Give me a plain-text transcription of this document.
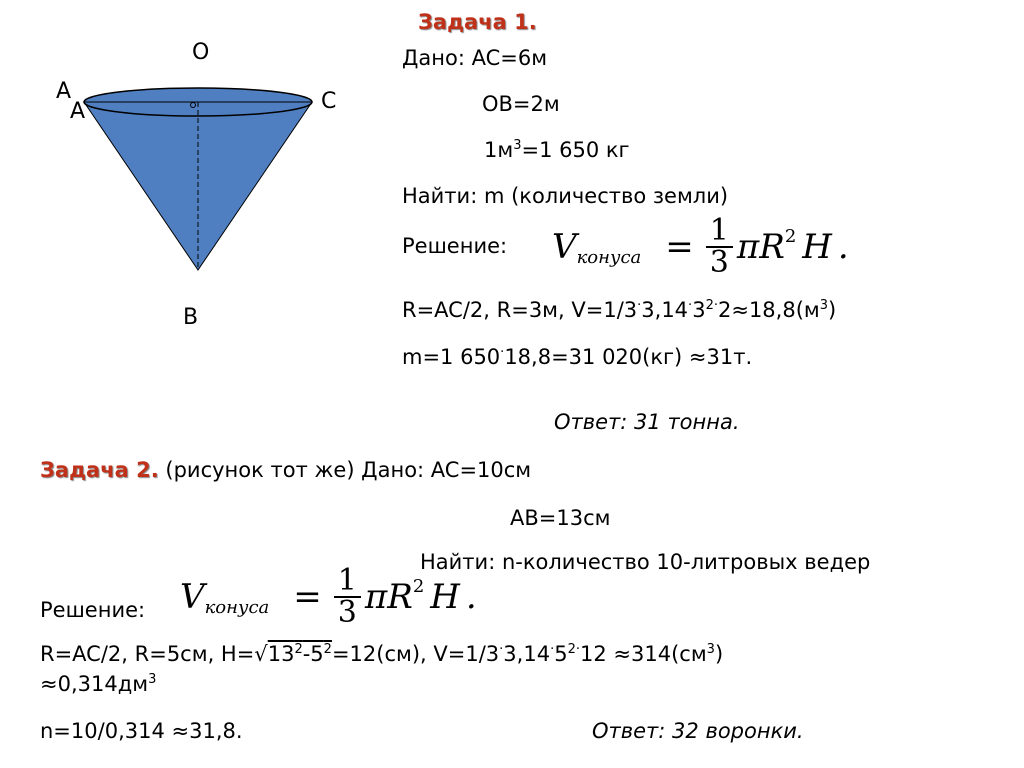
O
A
A	C
B
Задача 1.
Дано: AC=6м
OB=2м
$1м^3=1$ 650 кг
Найти: m (количество земли)
Решение: V конуса = $\frac{1}{3}$ πR 2 H .
R=AC/2, R=3м, $V=1/3^\cdot 3,14^\cdot 3^{2\cdot}2\approx 18,8(м^3)$
m=1 650·18,8=31 020(кг) ≈31т.
Ответ: 31 тонна.
Задача 2. (рисунок тот же) Дано: AC=10см
AB=13см
Найти: n-количество 10-литровых ведер
Решение: V конуса = $\frac{1}{3}$ πR 2 H .
R=AC/2, R=5см, $H=√13^2-5^2=12(см)$, $V=1/3^\cdot 3,14^\cdot 5^{2\cdot}12 \approx 314(см^3)$
$\approx 0,314дм^3$
n=10/0,314 ≈31,8.	Ответ: 32 воронки.
